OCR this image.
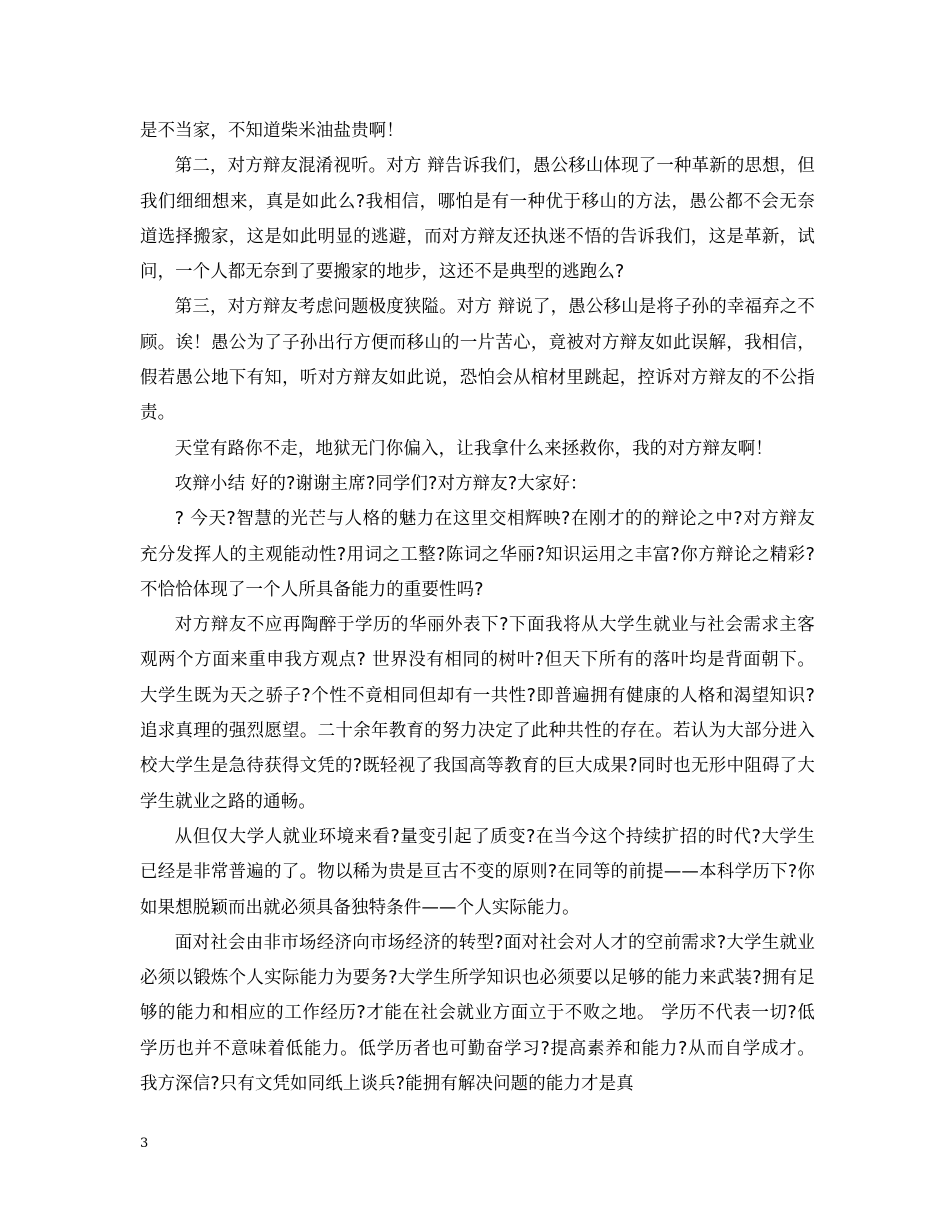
是不当家，不知道柴米油盐贵啊！

第二，对方辩友混淆视听。对方 辩告诉我们，愚公移山体现了一种革新的思想，但我们细细想来，真是如此么?我相信，哪怕是有一种优于移山的方法，愚公都不会无奈道选择搬家，这是如此明显的逃避，而对方辩友还执迷不悟的告诉我们，这是革新，试问，一个人都无奈到了要搬家的地步，这还不是典型的逃跑么?

第三，对方辩友考虑问题极度狭隘。对方 辩说了，愚公移山是将子孙的幸福弃之不顾。诶！愚公为了子孙出行方便而移山的一片苦心，竟被对方辩友如此误解，我相信，假若愚公地下有知，听对方辩友如此说，恐怕会从棺材里跳起，控诉对方辩友的不公指责。

天堂有路你不走，地狱无门你偏入，让我拿什么来拯救你，我的对方辩友啊！

攻辩小结 好的?谢谢主席?同学们?对方辩友?大家好：

? 今天?智慧的光芒与人格的魅力在这里交相辉映?在刚才的的辩论之中?对方辩友充分发挥人的主观能动性?用词之工整?陈词之华丽?知识运用之丰富?你方辩论之精彩?不恰恰体现了一个人所具备能力的重要性吗?

对方辩友不应再陶醉于学历的华丽外表下?下面我将从大学生就业与社会需求主客观两个方面来重申我方观点? 世界没有相同的树叶?但天下所有的落叶均是背面朝下。大学生既为天之骄子?个性不竟相同但却有一共性?即普遍拥有健康的人格和渴望知识?追求真理的强烈愿望。二十余年教育的努力决定了此种共性的存在。若认为大部分进入校大学生是急待获得文凭的?既轻视了我国高等教育的巨大成果?同时也无形中阻碍了大学生就业之路的通畅。

从但仅大学人就业环境来看?量变引起了质变?在当今这个持续扩招的时代?大学生已经是非常普遍的了。物以稀为贵是亘古不变的原则?在同等的前提——本科学历下?你如果想脱颖而出就必须具备独特条件——个人实际能力。

面对社会由非市场经济向市场经济的转型?面对社会对人才的空前需求?大学生就业必须以锻炼个人实际能力为要务?大学生所学知识也必须要以足够的能力来武装?拥有足够的能力和相应的工作经历?才能在社会就业方面立于不败之地。 学历不代表一切?低学历也并不意味着低能力。低学历者也可勤奋学习?提高素养和能力?从而自学成才。 我方深信?只有文凭如同纸上谈兵?能拥有解决问题的能力才是真

3
